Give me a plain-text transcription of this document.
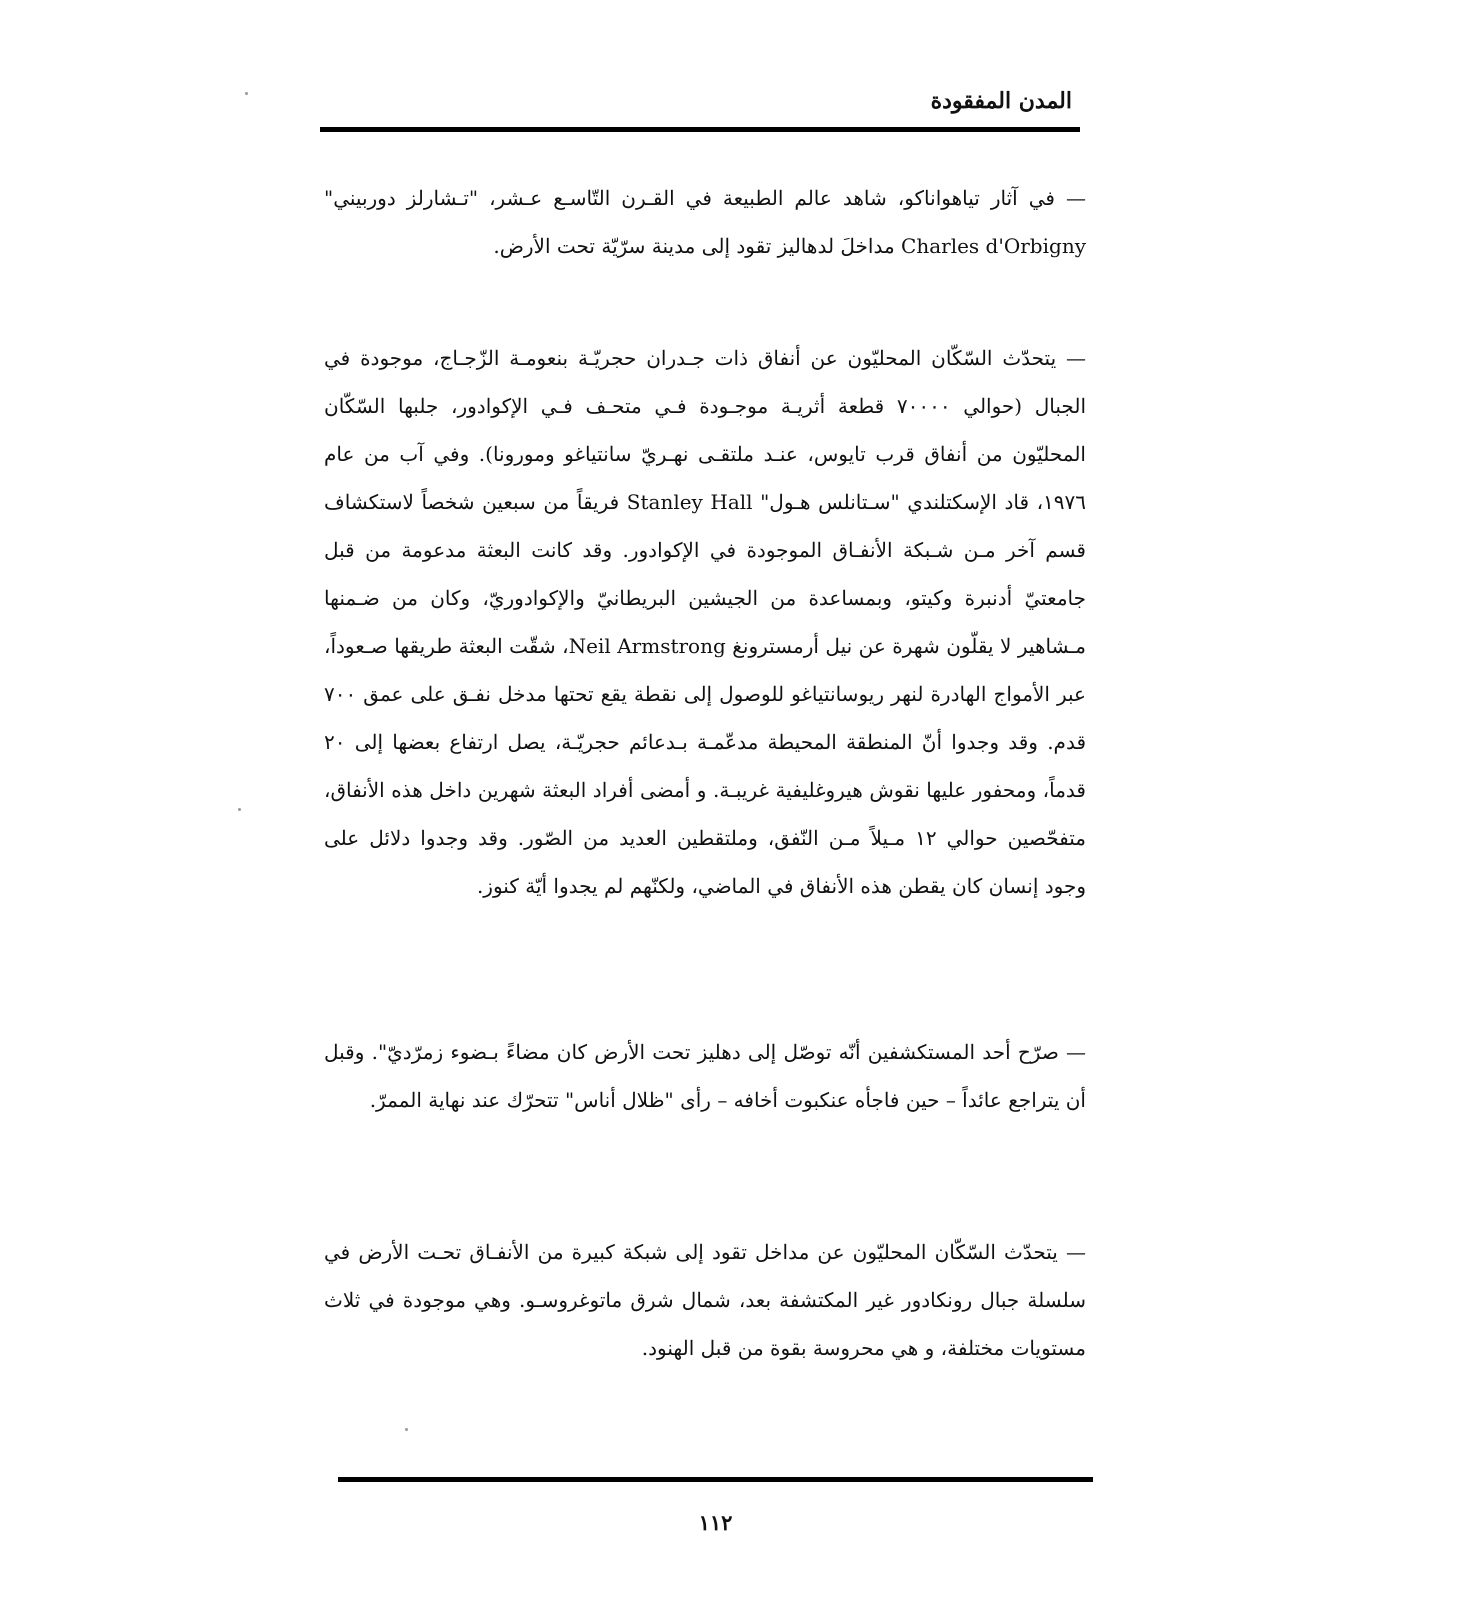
المدن المفقودة

— في آثار تياهواناكو، شاهد عالم الطبيعة في القـرن التّاسـع عـشر، "تـشارلز دوربيني" Charles d'Orbigny مداخلَ لدهاليز تقود إلى مدينة سرّيّة تحت الأرض.

— يتحدّث السّكّان المحليّون عن أنفاق ذات جـدران حجريّـة بنعومـة الزّجـاج، موجودة في الجبال (حوالي ٧٠٠٠٠ قطعة أثريـة موجـودة فـي متحـف فـي الإكوادور، جلبها السّكّان المحليّون من أنفاق قرب تايوس، عنـد ملتقـى نهـريّ سانتياغو ومورونا). وفي آب من عام ١٩٧٦، قاد الإسكتلندي "سـتانلس هـول" Stanley Hall فريقاً من سبعين شخصاً لاستكشاف قسم آخر مـن شـبكة الأنفـاق الموجودة في الإكوادور. وقد كانت البعثة مدعومة من قبل جامعتيّ أدنبرة وكيتو، وبمساعدة من الجيشين البريطانيّ والإكوادوريّ، وكان من ضـمنها مـشاهير لا يقلّون شهرة عن نيل أرمسترونغ Neil Armstrong، شقّت البعثة طريقها صـعوداً، عبر الأمواج الهادرة لنهر ريوسانتياغو للوصول إلى نقطة يقع تحتها مدخل نفـق على عمق ٧٠٠ قدم. وقد وجدوا أنّ المنطقة المحيطة مدعّمـة بـدعائم حجريّـة، يصل ارتفاع بعضها إلى ٢٠ قدماً، ومحفور عليها نقوش هيروغليفية غريبـة. و أمضى أفراد البعثة شهرين داخل هذه الأنفاق، متفحّصين حوالي ١٢ مـيلاً مـن النّفق، وملتقطين العديد من الصّور. وقد وجدوا دلائل على وجود إنسان كان يقطن هذه الأنفاق في الماضي، ولكنّهم لم يجدوا أيّة كنوز.

— صرّح أحد المستكشفين أنّه توصّل إلى دهليز تحت الأرض كان مضاءً بـضوء زمرّديّ". وقبل أن يتراجع عائداً – حين فاجأه عنكبوت أخافه – رأى "ظلال أناس" تتحرّك عند نهاية الممرّ.

— يتحدّث السّكّان المحليّون عن مداخل تقود إلى شبكة كبيرة من الأنفـاق تحـت الأرض في سلسلة جبال رونكادور غير المكتشفة بعد، شمال شرق ماتوغروسـو. وهي موجودة في ثلاث مستويات مختلفة، و هي محروسة بقوة من قبل الهنود.

١١٢
